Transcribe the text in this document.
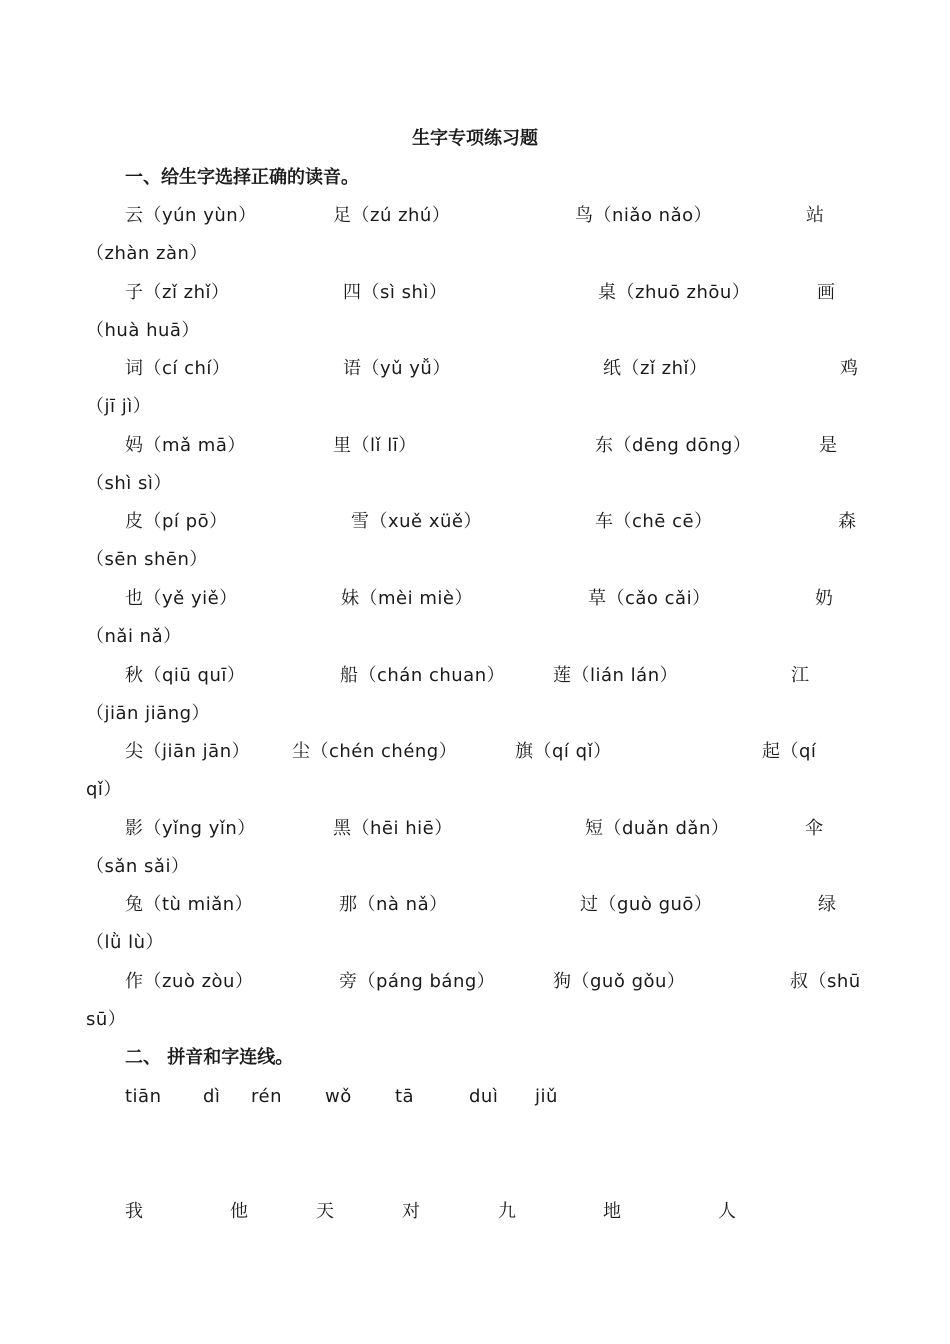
生字专项练习题
一、给生字选择正确的读音。
云（yún yùn）	足（zú zhú）	鸟（niǎo nǎo）	站
（zhàn zàn）
子（zǐ zhǐ）	四（sì shì）	桌（zhuō zhōu）	画
（huà huā）
词（cí chí）	语（yǔ yǚ）	纸（zǐ zhǐ）	鸡
（jī jì）
妈（mǎ mā）	里（lǐ lī）	东（dēng dōng）	是
（shì sì）
皮（pí pō）	雪（xuě xüě）	车（chē cē）	森
（sēn shēn）
也（yě yiě）	妹（mèi miè）	草（cǎo cǎi）	奶
（nǎi nǎ）
秋（qiū quī）	船（chán chuan）	莲（lián lán）	江
（jiān jiāng）
尖（jiān jān） 尘（chén chéng）	旗（qí qǐ）	起（qí
qǐ）
影（yǐng yǐn）	黑（hēi hiē）	短（duǎn dǎn）	伞
（sǎn sǎi）
兔（tù miǎn）	那（nà nǎ）	过（guò guō）	绿
（lǜ lù）
作（zuò zòu）	旁（páng báng）	狗（guǒ gǒu）	叔（shū
sū）
二、 拼音和字连线。
tiān dì rén wǒ tā	duì jiǔ
我	他	天	对	九	地	人
